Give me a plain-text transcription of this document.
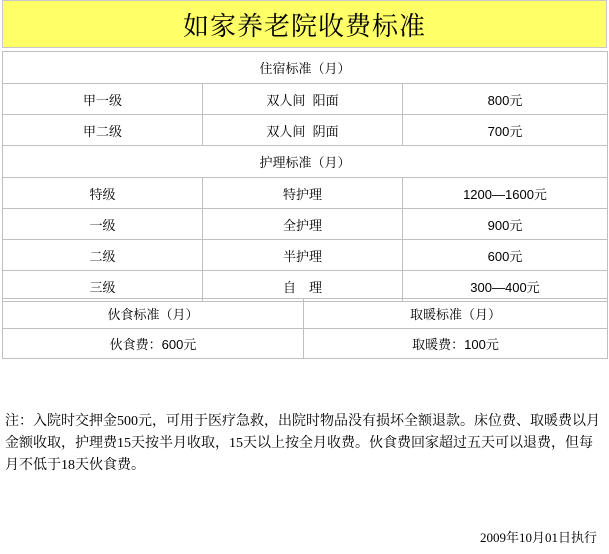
如家养老院收费标准
住宿标准（月）		
甲一级	双人间  阳面	800元
甲二级	双人间  阴面	700元
护理标准（月）		
特级	特护理	1200—1600元
一级	全护理	900元
二级	半护理	600元
三级	自　理	300—400元
伙食标准（月）	取暖标准（月）
伙食费：600元	取暖费：100元
注：入院时交押金500元，可用于医疗急救，出院时物品没有损坏全额退款。床位费、取暖费以月金额收取，护理费15天按半月收取，15天以上按全月收费。伙食费回家超过五天可以退费，但每月不低于18天伙食费。
2009年10月01日执行
